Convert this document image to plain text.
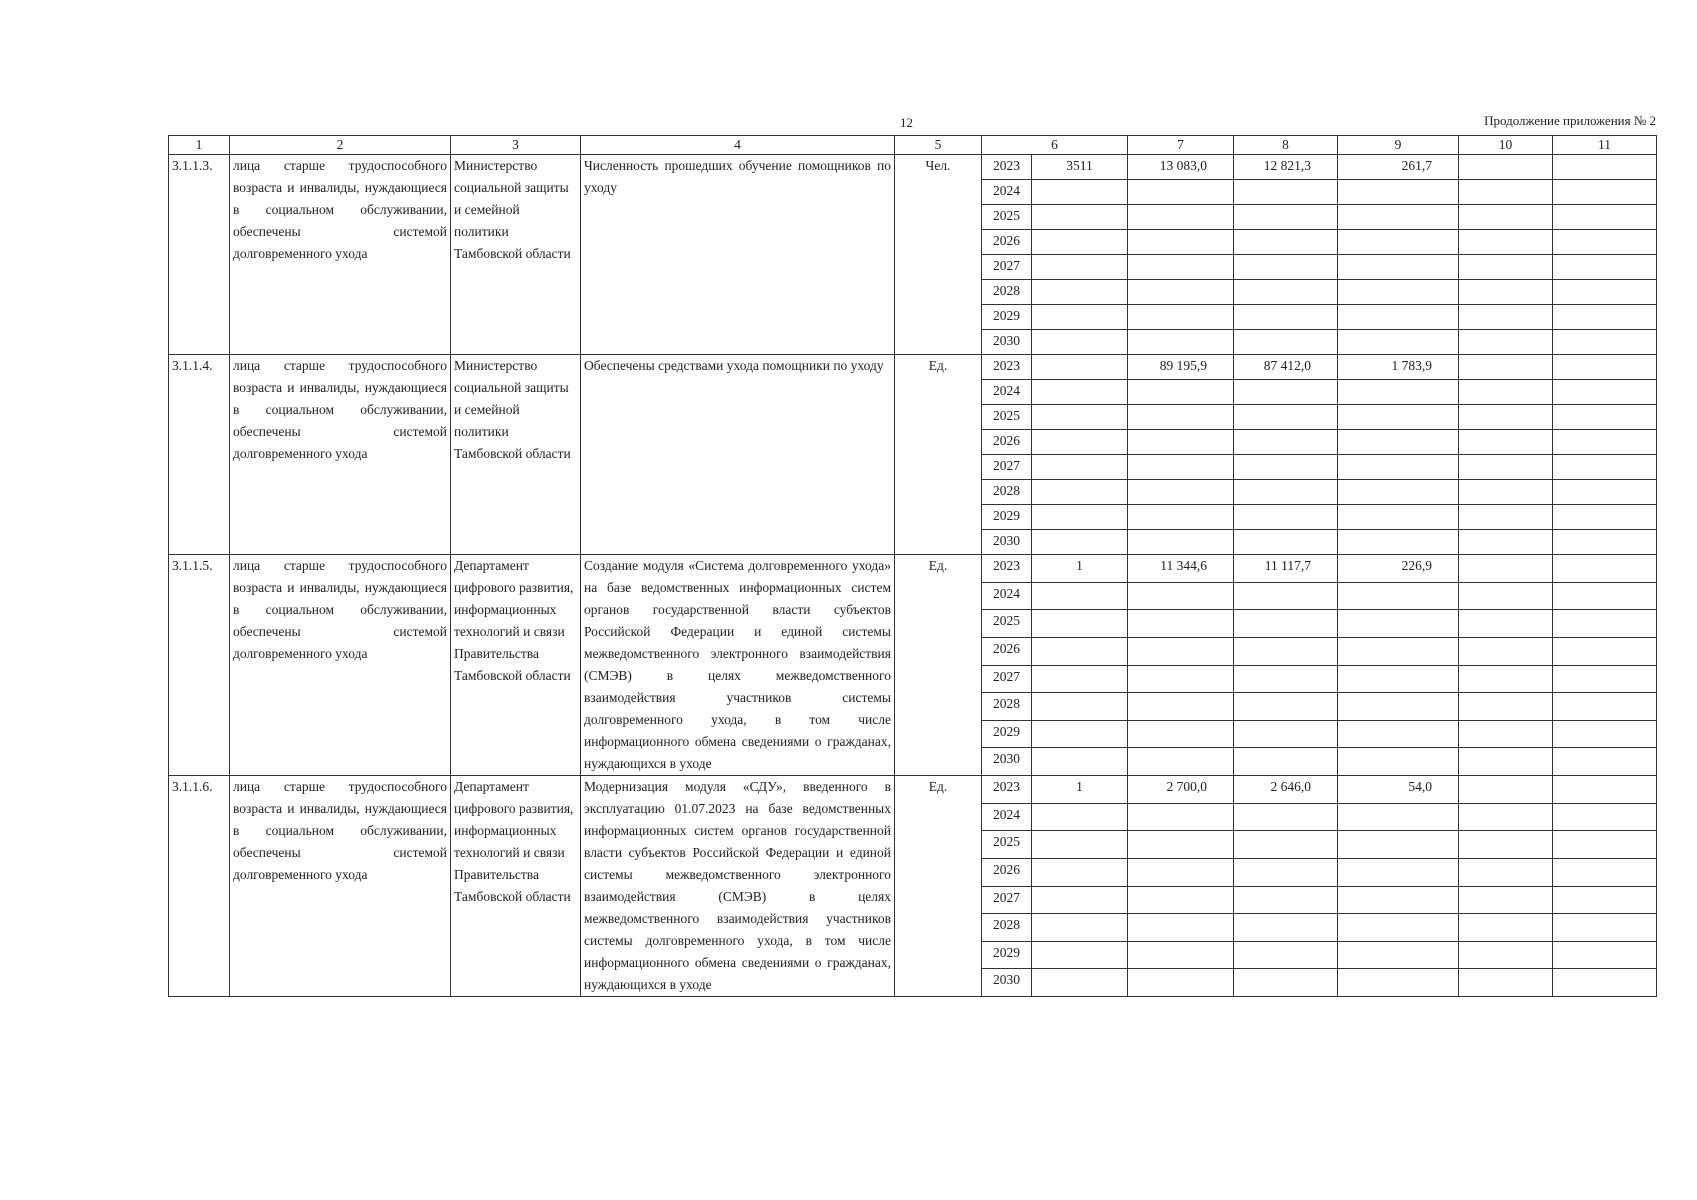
12	Продолжение приложения № 2
1	2	3	4	5	6		7	8	9	10	11
3.1.1.3.	лица старше трудоспособного возраста и инвалиды, нуждающиеся в социальном обслуживании, обеспечены системой долговременного ухода	Министерство социальной защиты и семейной политики Тамбовской области	Численность прошедших обучение помощников по уходу	Чел.	2023	3511	13 083,0	12 821,3	261,7		
					2024						
					2025						
					2026						
					2027						
					2028						
					2029						
					2030						
3.1.1.4.	лица старше трудоспособного возраста и инвалиды, нуждающиеся в социальном обслуживании, обеспечены системой долговременного ухода	Министерство социальной защиты и семейной политики Тамбовской области	Обеспечены средствами ухода помощники по уходу	Ед.	2023		89 195,9	87 412,0	1 783,9		
					2024						
					2025						
					2026						
					2027						
					2028						
					2029						
					2030						
3.1.1.5.	лица старше трудоспособного возраста и инвалиды, нуждающиеся в социальном обслуживании, обеспечены системой долговременного ухода	Департамент цифрового развития, информационных технологий и связи Правительства Тамбовской области	Создание модуля «Система долговременного ухода» на базе ведомственных информационных систем органов государственной власти субъектов Российской Федерации и единой системы межведомственного электронного взаимодействия (СМЭВ) в целях межведомственного взаимодействия участников системы долговременного ухода, в том числе информационного обмена сведениями о гражданах, нуждающихся в уходе	Ед.	2023	1	11 344,6	11 117,7	226,9		
					2024						
					2025						
					2026						
					2027						
					2028						
					2029						
					2030						
3.1.1.6.	лица старше трудоспособного возраста и инвалиды, нуждающиеся в социальном обслуживании, обеспечены системой долговременного ухода	Департамент цифрового развития, информационных технологий и связи Правительства Тамбовской области	Модернизация модуля «СДУ», введенного в эксплуатацию 01.07.2023 на базе ведомственных информационных систем органов государственной власти субъектов Российской Федерации и единой системы межведомственного электронного взаимодействия (СМЭВ) в целях межведомственного взаимодействия участников системы долговременного ухода, в том числе информационного обмена сведениями о гражданах, нуждающихся в уходе	Ед.	2023	1	2 700,0	2 646,0	54,0		
					2024						
					2025						
					2026						
					2027						
					2028						
					2029						
					2030						
